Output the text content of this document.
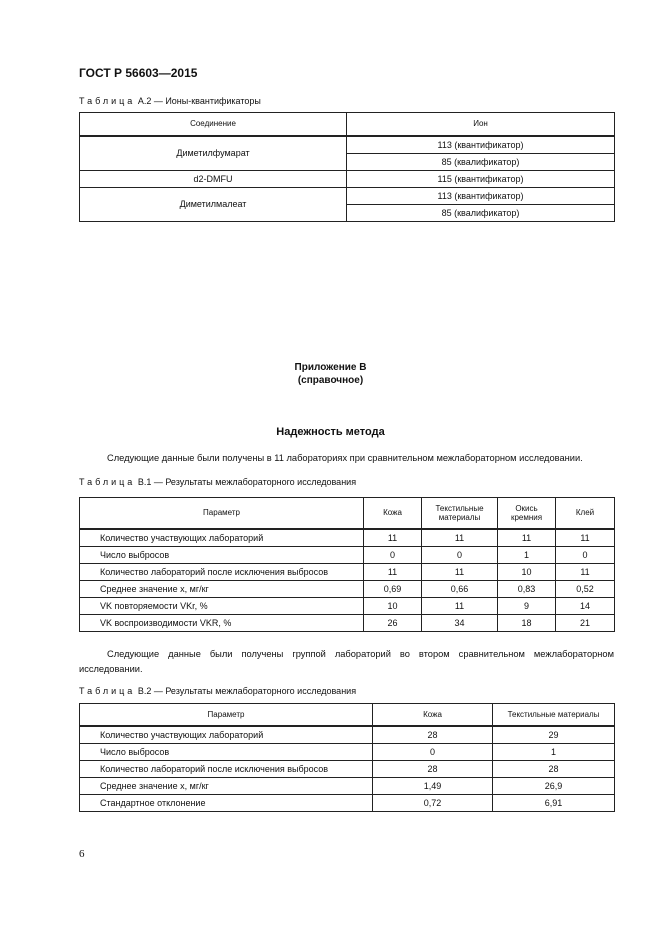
ГОСТ Р 56603—2015
Таблица А.2 — Ионы-квантификаторы
Соединение	Ион
Диметилфумарат	113 (квантификатор)
	85 (квалификатор)
d2-DMFU	115 (квантификатор)
Диметилмалеат	113 (квантификатор)
	85 (квалификатор)
Приложение В
(справочное)
Надежность метода
Следующие данные были получены в 11 лабораториях при сравнительном межлабораторном исследовании.
Таблица В.1 — Результаты межлабораторного исследования
Параметр	Кожа	Текстильные материалы	Окись кремния	Клей
Количество участвующих лабораторий	11	11	11	11
Число выбросов	0	0	1	0
Количество лабораторий после исключения выбросов	11	11	10	11
Среднее значение x, мг/кг	0,69	0,66	0,83	0,52
VK повторяемости VKr, %	10	11	9	14
VK воспроизводимости VKR, %	26	34	18	21
Следующие данные были получены группой лабораторий во втором сравнительном межлабораторном исследовании.
Таблица В.2 — Результаты межлабораторного исследования
Параметр	Кожа	Текстильные материалы
Количество участвующих лабораторий	28	29
Число выбросов	0	1
Количество лабораторий после исключения выбросов	28	28
Среднее значение x, мг/кг	1,49	26,9
Стандартное отклонение	0,72	6,91
6
